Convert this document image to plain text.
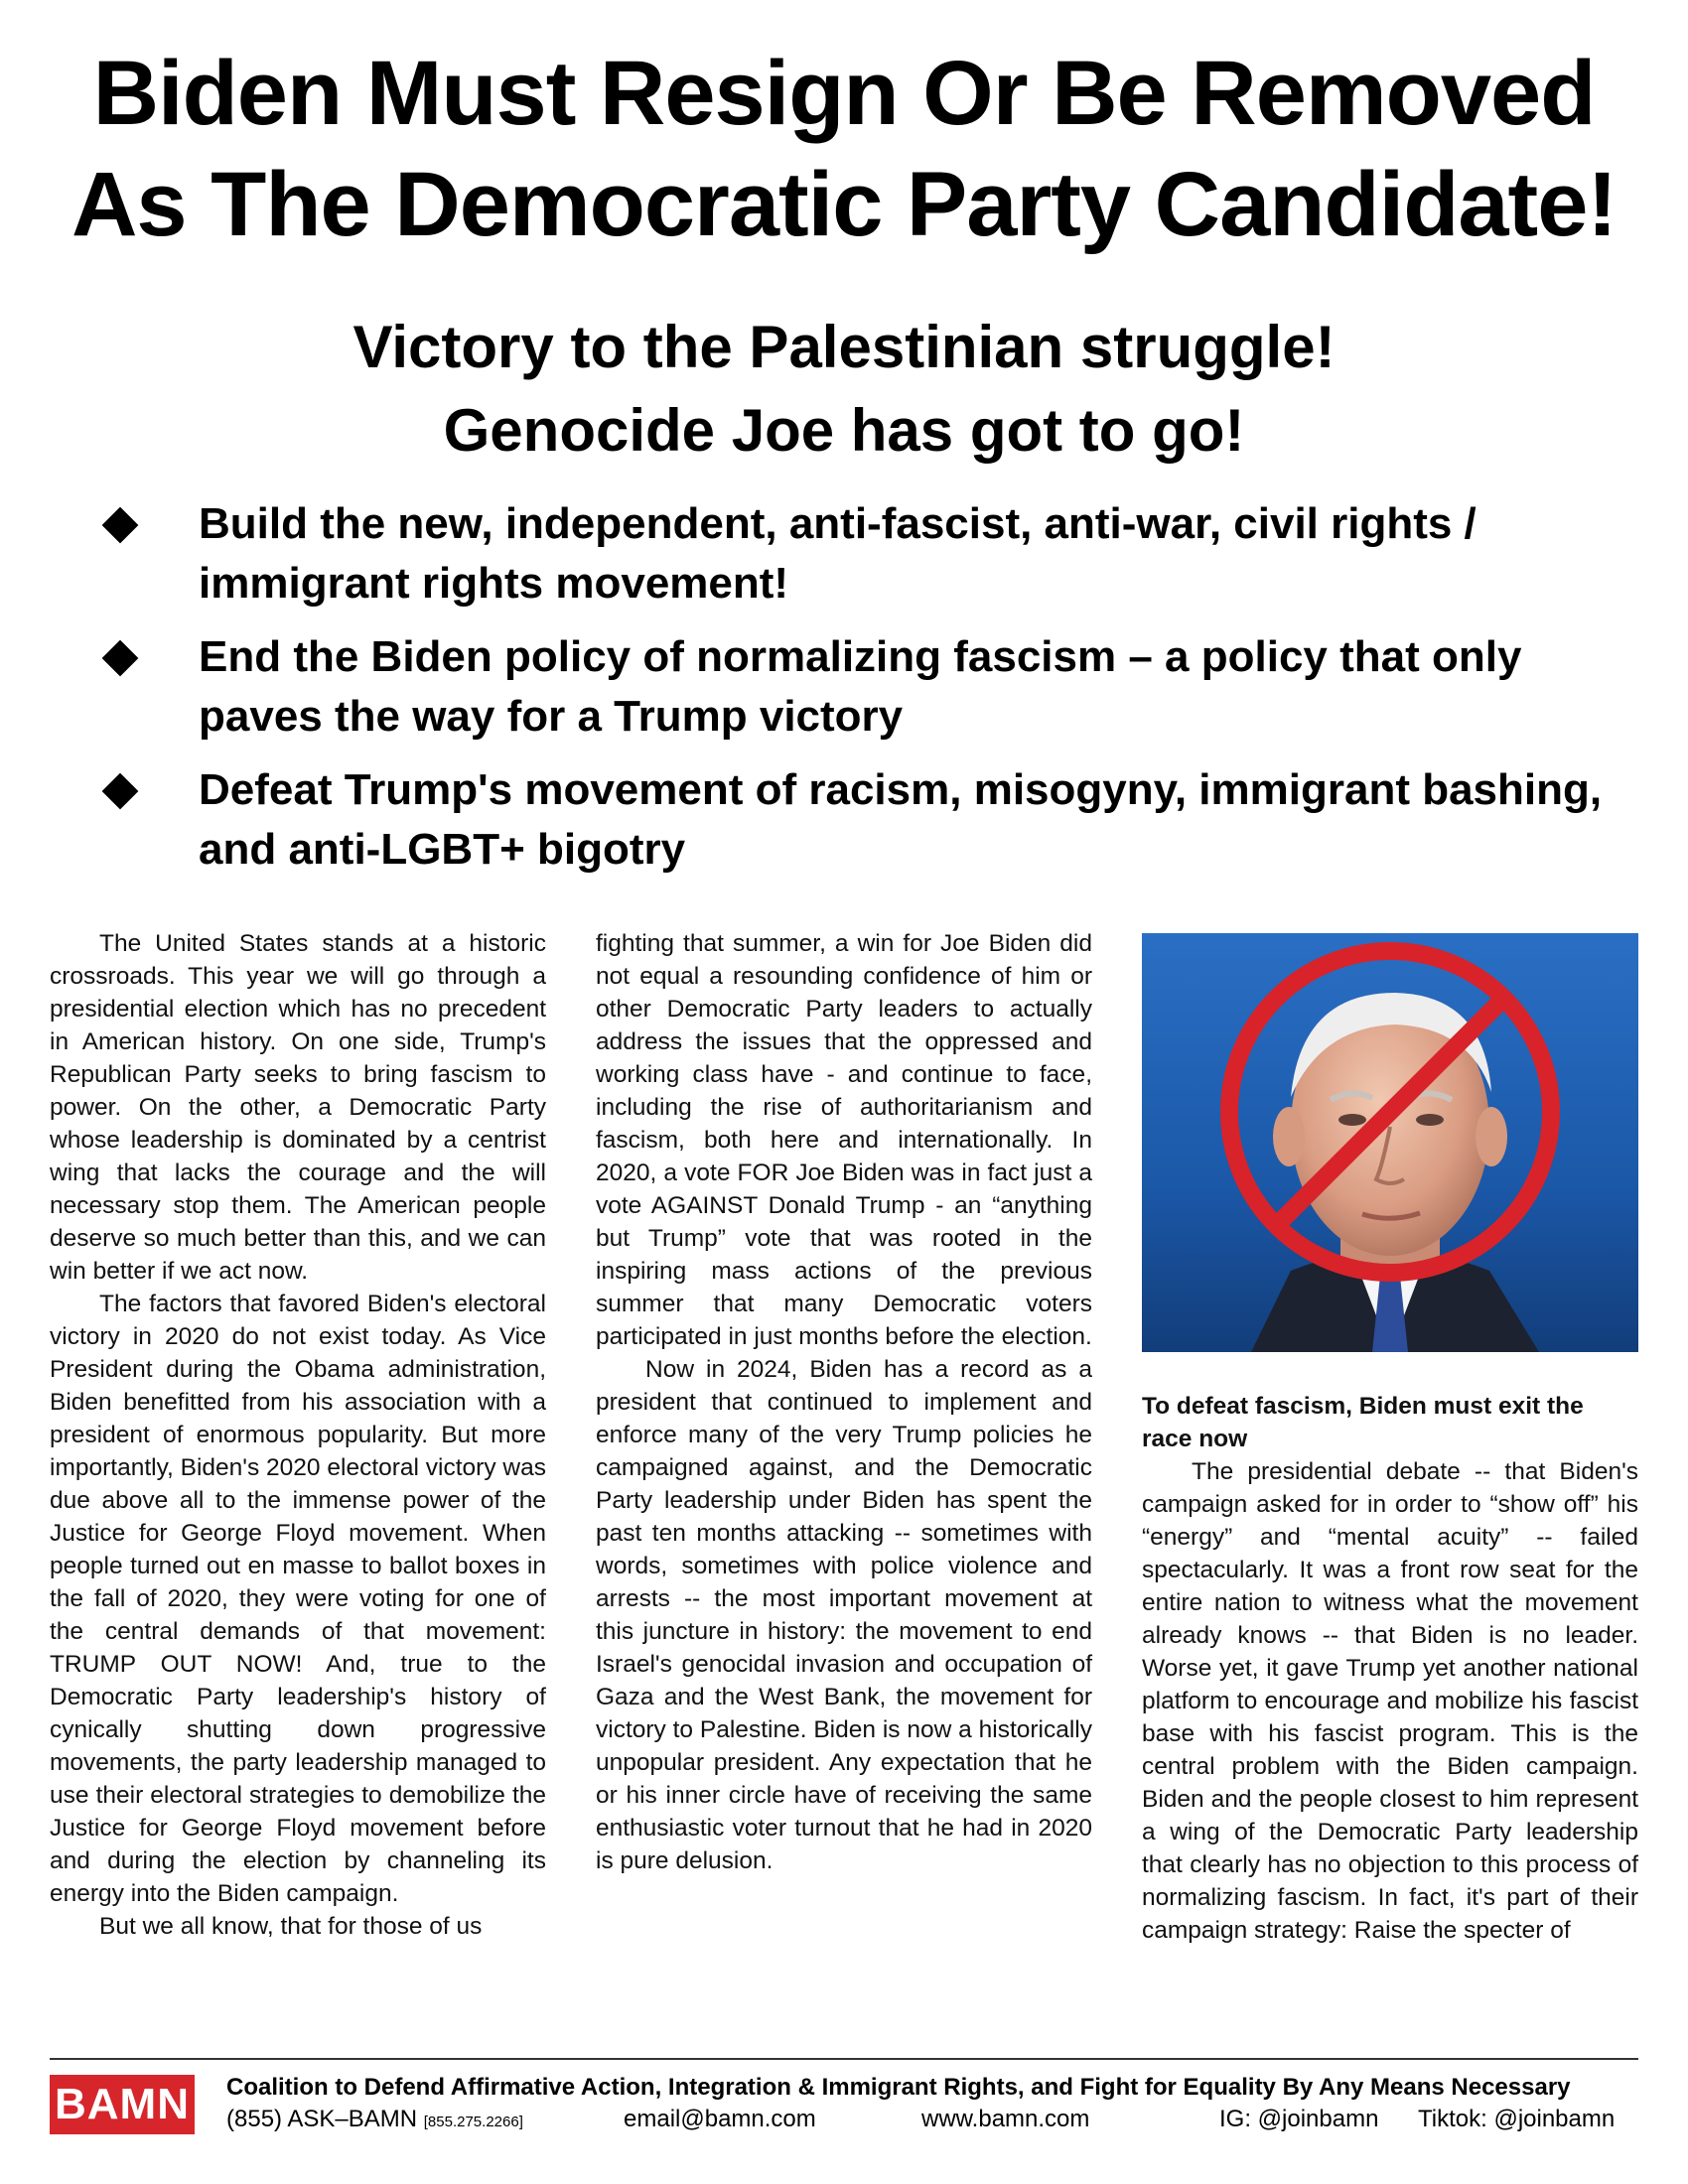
Biden Must Resign Or Be Removed
As The Democratic Party Candidate!
Victory to the Palestinian struggle!
Genocide Joe has got to go!
Build the new, independent, anti-fascist, anti-war, civil rights / immigrant rights movement!
End the Biden policy of normalizing fascism – a policy that only paves the way for a Trump victory
Defeat Trump's movement of racism, misogyny, immigrant bashing, and anti-LGBT+ bigotry

The United States stands at a historic crossroads. This year we will go through a presidential election which has no precedent in American history. On one side, Trump's Republican Party seeks to bring fascism to power. On the other, a Democratic Party whose leadership is dominated by a centrist wing that lacks the courage and the will necessary stop them. The American people deserve so much better than this, and we can win better if we act now.

The factors that favored Biden's electoral victory in 2020 do not exist today. As Vice President during the Obama administration, Biden benefitted from his association with a president of enormous popularity. But more importantly, Biden's 2020 electoral victory was due above all to the immense power of the Justice for George Floyd movement. When people turned out en masse to ballot boxes in the fall of 2020, they were voting for one of the central demands of that movement: TRUMP OUT NOW! And, true to the Democratic Party leadership's history of cynically shutting down progressive movements, the party leadership managed to use their electoral strategies to demobilize the Justice for George Floyd movement before and during the election by channeling its energy into the Biden campaign.

But we all know, that for those of us

fighting that summer, a win for Joe Biden did not equal a resounding confidence of him or other Democratic Party leaders to actually address the issues that the oppressed and working class have - and continue to face, including the rise of authoritarianism and fascism, both here and internationally. In 2020, a vote FOR Joe Biden was in fact just a vote AGAINST Donald Trump - an “anything but Trump” vote that was rooted in the inspiring mass actions of the previous summer that many Democratic voters participated in just months before the election.

Now in 2024, Biden has a record as a president that continued to implement and enforce many of the very Trump policies he campaigned against, and the Democratic Party leadership under Biden has spent the past ten months attacking -- sometimes with words, sometimes with police violence and arrests -- the most important movement at this juncture in history: the movement to end Israel's genocidal invasion and occupation of Gaza and the West Bank, the movement for victory to Palestine. Biden is now a historically unpopular president. Any expectation that he or his inner circle have of receiving the same enthusiastic voter turnout that he had in 2020 is pure delusion.

To defeat fascism, Biden must exit the race now

The presidential debate -- that Biden's campaign asked for in order to “show off” his “energy” and “mental acuity” -- failed spectacularly. It was a front row seat for the entire nation to witness what the movement already knows -- that Biden is no leader. Worse yet, it gave Trump yet another national platform to encourage and mobilize his fascist base with his fascist program. This is the central problem with the Biden campaign. Biden and the people closest to him represent a wing of the Democratic Party leadership that clearly has no objection to this process of normalizing fascism. In fact, it's part of their campaign strategy: Raise the specter of

BAMN Coalition to Defend Affirmative Action, Integration & Immigrant Rights, and Fight for Equality By Any Means Necessary
(855) ASK–BAMN [855.275.2266]	email@bamn.com	www.bamn.com	IG: @joinbamn Tiktok: @joinbamn
